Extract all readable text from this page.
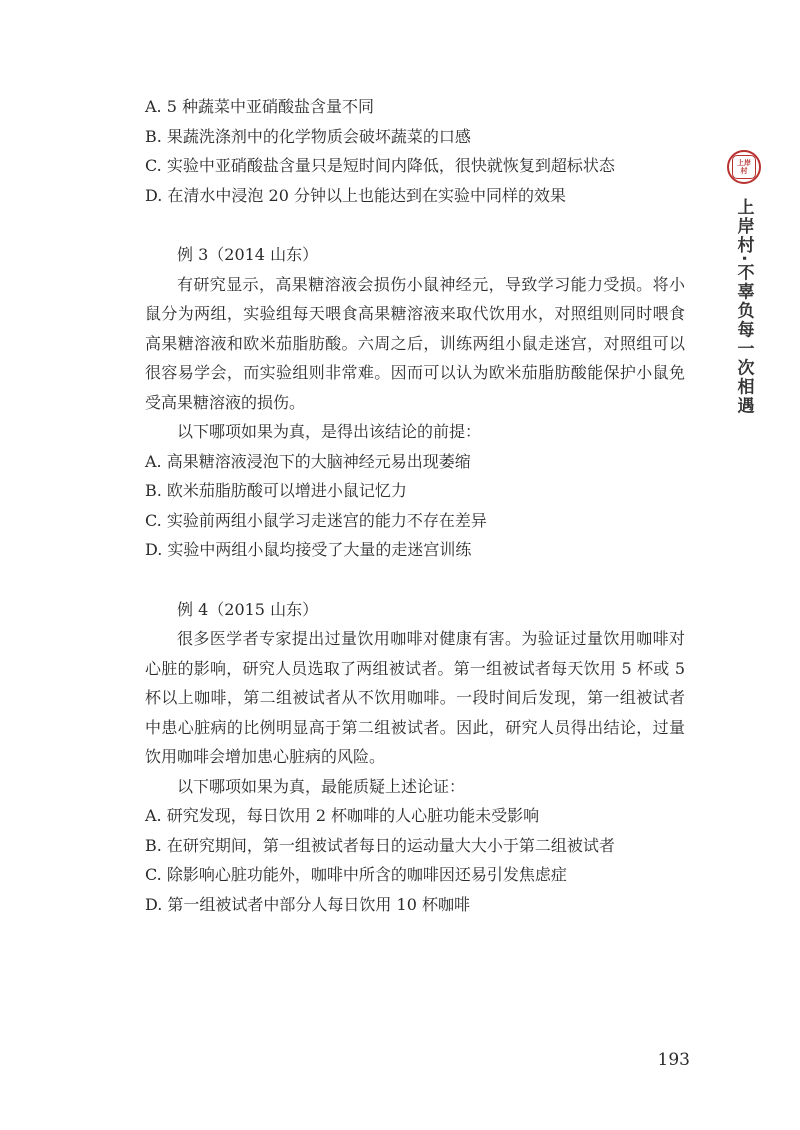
A. 5 种蔬菜中亚硝酸盐含量不同

B. 果蔬洗涤剂中的化学物质会破坏蔬菜的口感

C. 实验中亚硝酸盐含量只是短时间内降低，很快就恢复到超标状态

D. 在清水中浸泡 20 分钟以上也能达到在实验中同样的效果

例 3（2014 山东）

有研究显示，高果糖溶液会损伤小鼠神经元，导致学习能力受损。将小鼠分为两组，实验组每天喂食高果糖溶液来取代饮用水，对照组则同时喂食高果糖溶液和欧米茄脂肪酸。六周之后，训练两组小鼠走迷宫，对照组可以很容易学会，而实验组则非常难。因而可以认为欧米茄脂肪酸能保护小鼠免受高果糖溶液的损伤。

以下哪项如果为真，是得出该结论的前提：

A. 高果糖溶液浸泡下的大脑神经元易出现萎缩

B. 欧米茄脂肪酸可以增进小鼠记忆力

C. 实验前两组小鼠学习走迷宫的能力不存在差异

D. 实验中两组小鼠均接受了大量的走迷宫训练

例 4（2015 山东）

很多医学者专家提出过量饮用咖啡对健康有害。为验证过量饮用咖啡对心脏的影响，研究人员选取了两组被试者。第一组被试者每天饮用 5 杯或 5 杯以上咖啡，第二组被试者从不饮用咖啡。一段时间后发现，第一组被试者中患心脏病的比例明显高于第二组被试者。因此，研究人员得出结论，过量饮用咖啡会增加患心脏病的风险。

以下哪项如果为真，最能质疑上述论证：

A. 研究发现，每日饮用 2 杯咖啡的人心脏功能未受影响

B. 在研究期间，第一组被试者每日的运动量大大小于第二组被试者

C. 除影响心脏功能外，咖啡中所含的咖啡因还易引发焦虑症

D. 第一组被试者中部分人每日饮用 10 杯咖啡

上岸村
上岸村·不辜负每一次相遇
193
